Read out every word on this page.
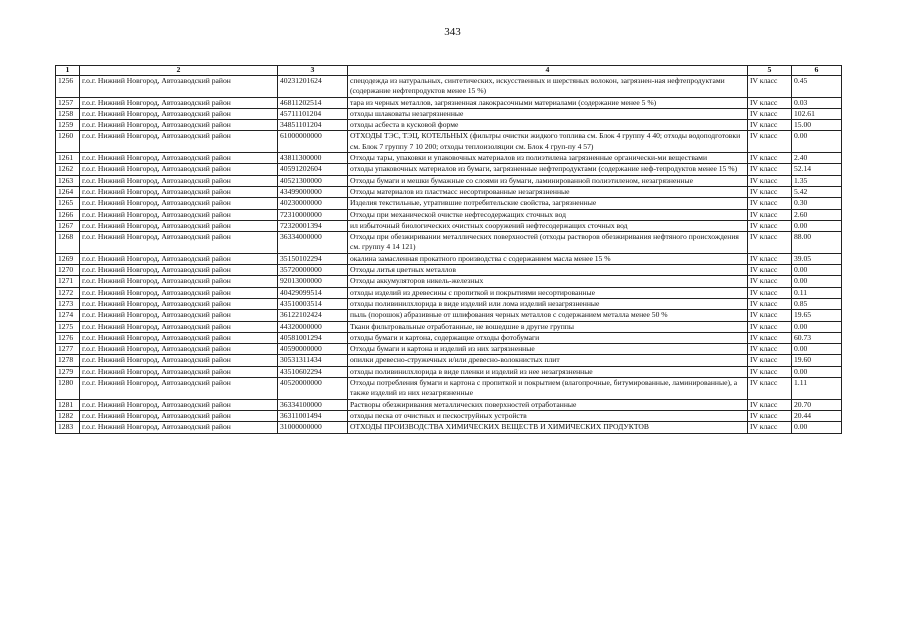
343
1	2	3	4	5	6
1256	г.о.г. Нижний Новгород, Автозаводский район	40231201624	спецодежда из натуральных, синтетических, искусственных и шерстяных волокон, загрязнен-ная нефтепродуктами (содержание нефтепродуктов менее 15 %)	IV класс	0.45
1257	г.о.г. Нижний Новгород, Автозаводский район	46811202514	тара из черных металлов, загрязненная лакокрасочными материалами (содержание менее 5 %)	IV класс	0.03
1258	г.о.г. Нижний Новгород, Автозаводский район	45711101204	отходы шлаковаты незагрязненные	IV класс	102.61
1259	г.о.г. Нижний Новгород, Автозаводский район	34851101204	отходы асбеста в кусковой форме	IV класс	15.00
1260	г.о.г. Нижний Новгород, Автозаводский район	61000000000	ОТХОДЫ ТЭС, ТЭЦ, КОТЕЛЬНЫХ (фильтры очистки жидкого топлива см. Блок 4 группу 4 40; отходы водоподготовки см. Блок 7 группу 7 10 200; отходы теплоизоляции см. Блок 4 груп-пу 4 57)	IV класс	0.00
1261	г.о.г. Нижний Новгород, Автозаводский район	43811300000	Отходы тары, упаковки и упаковочных материалов из полиэтилена загрязненные органически-ми веществами	IV класс	2.40
1262	г.о.г. Нижний Новгород, Автозаводский район	40591202604	отходы упаковочных материалов из бумаги, загрязненные нефтепродуктами (содержание неф-тепродуктов менее 15 %)	IV класс	52.14
1263	г.о.г. Нижний Новгород, Автозаводский район	40521300000	Отходы бумаги и мешки бумажные со слоями из бумаги, ламинированной полиэтиленом, незагрязненные	IV класс	1.35
1264	г.о.г. Нижний Новгород, Автозаводский район	43499000000	Отходы материалов из пластмасс несортированные незагрязненные	IV класс	5.42
1265	г.о.г. Нижний Новгород, Автозаводский район	40230000000	Изделия текстильные, утратившие потребительские свойства, загрязненные	IV класс	0.30
1266	г.о.г. Нижний Новгород, Автозаводский район	72310000000	Отходы при механической очистке нефтесодержащих сточных вод	IV класс	2.60
1267	г.о.г. Нижний Новгород, Автозаводский район	72320001394	ил избыточный биологических очистных сооружений нефтесодержащих сточных вод	IV класс	0.00
1268	г.о.г. Нижний Новгород, Автозаводский район	36334000000	Отходы при обезжиривании металлических поверхностей (отходы растворов обезжиривания нефтяного происхождения см. группу 4 14 121)	IV класс	88.00
1269	г.о.г. Нижний Новгород, Автозаводский район	35150102294	окалина замасленная прокатного производства с содержанием масла менее 15 %	IV класс	39.05
1270	г.о.г. Нижний Новгород, Автозаводский район	35720000000	Отходы литья цветных металлов	IV класс	0.00
1271	г.о.г. Нижний Новгород, Автозаводский район	92013000000	Отходы аккумуляторов никель-железных	IV класс	0.00
1272	г.о.г. Нижний Новгород, Автозаводский район	40429099514	отходы изделий из древесины с пропиткой и покрытиями несортированные	IV класс	0.11
1273	г.о.г. Нижний Новгород, Автозаводский район	43510003514	отходы поливинилхлорида в виде изделий или лома изделий незагрязненные	IV класс	0.85
1274	г.о.г. Нижний Новгород, Автозаводский район	36122102424	пыль (порошок) абразивные от шлифования черных металлов с содержанием металла менее 50 %	IV класс	19.65
1275	г.о.г. Нижний Новгород, Автозаводский район	44320000000	Ткани фильтровальные отработанные, не вошедшие в другие группы	IV класс	0.00
1276	г.о.г. Нижний Новгород, Автозаводский район	40581001294	отходы бумаги и картона, содержащие отходы фотобумаги	IV класс	60.73
1277	г.о.г. Нижний Новгород, Автозаводский район	40590000000	Отходы бумаги и картона и изделий из них загрязненные	IV класс	0.00
1278	г.о.г. Нижний Новгород, Автозаводский район	30531311434	опилки древесно-стружечных и/или древесно-волокнистых плит	IV класс	19.60
1279	г.о.г. Нижний Новгород, Автозаводский район	43510602294	отходы поливинилхлорида в виде пленки и изделий из нее незагрязненные	IV класс	0.00
1280	г.о.г. Нижний Новгород, Автозаводский район	40520000000	Отходы потребления бумаги и картона с пропиткой и покрытием (влагопрочные, битумированные, ламинированные), а также изделий из них незагрязненные	IV класс	1.11
1281	г.о.г. Нижний Новгород, Автозаводский район	36334100000	Растворы обезжиривания металлических поверхностей отработанные	IV класс	20.70
1282	г.о.г. Нижний Новгород, Автозаводский район	36311001494	отходы песка от очистных и пескоструйных устройств	IV класс	20.44
1283	г.о.г. Нижний Новгород, Автозаводский район	31000000000	ОТХОДЫ ПРОИЗВОДСТВА ХИМИЧЕСКИХ ВЕЩЕСТВ И ХИМИЧЕСКИХ ПРОДУКТОВ	IV класс	0.00
